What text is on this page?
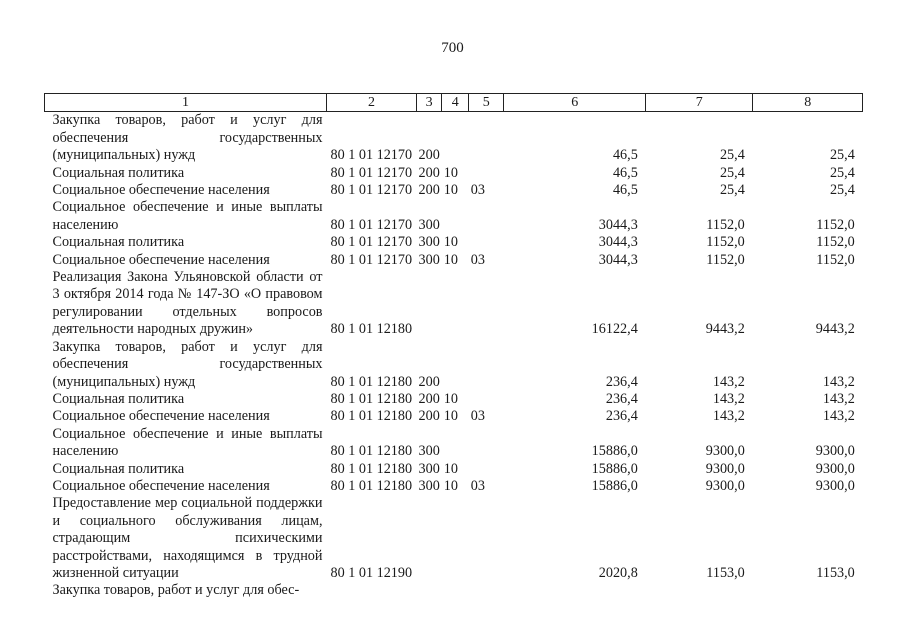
700
1	2	3	4	5	6	7	8
Закупка товаров, работ и услуг для обеспечения государственных (муниципальных) нужд	80 1 01 12170	200			46,5	25,4	25,4
Социальная политика	80 1 01 12170	200	10		46,5	25,4	25,4
Социальное обеспечение населения	80 1 01 12170	200	10	03	46,5	25,4	25,4
Социальное обеспечение и иные выплаты населению	80 1 01 12170	300			3044,3	1152,0	1152,0
Социальная политика	80 1 01 12170	300	10		3044,3	1152,0	1152,0
Социальное обеспечение населения	80 1 01 12170	300	10	03	3044,3	1152,0	1152,0
Реализация Закона Ульяновской области от 3 октября 2014 года № 147-ЗО «О правовом регулировании отдельных вопросов деятельности народных дружин»	80 1 01 12180				16122,4	9443,2	9443,2
Закупка товаров, работ и услуг для обеспечения государственных (муниципальных) нужд	80 1 01 12180	200			236,4	143,2	143,2
Социальная политика	80 1 01 12180	200	10		236,4	143,2	143,2
Социальное обеспечение населения	80 1 01 12180	200	10	03	236,4	143,2	143,2
Социальное обеспечение и иные выплаты населению	80 1 01 12180	300			15886,0	9300,0	9300,0
Социальная политика	80 1 01 12180	300	10		15886,0	9300,0	9300,0
Социальное обеспечение населения	80 1 01 12180	300	10	03	15886,0	9300,0	9300,0
Предоставление мер социальной поддержки и социального обслуживания лицам, страдающим психическими расстройствами, находящимся в трудной жизненной ситуации	80 1 01 12190				2020,8	1153,0	1153,0
Закупка товаров, работ и услуг для обес-							
